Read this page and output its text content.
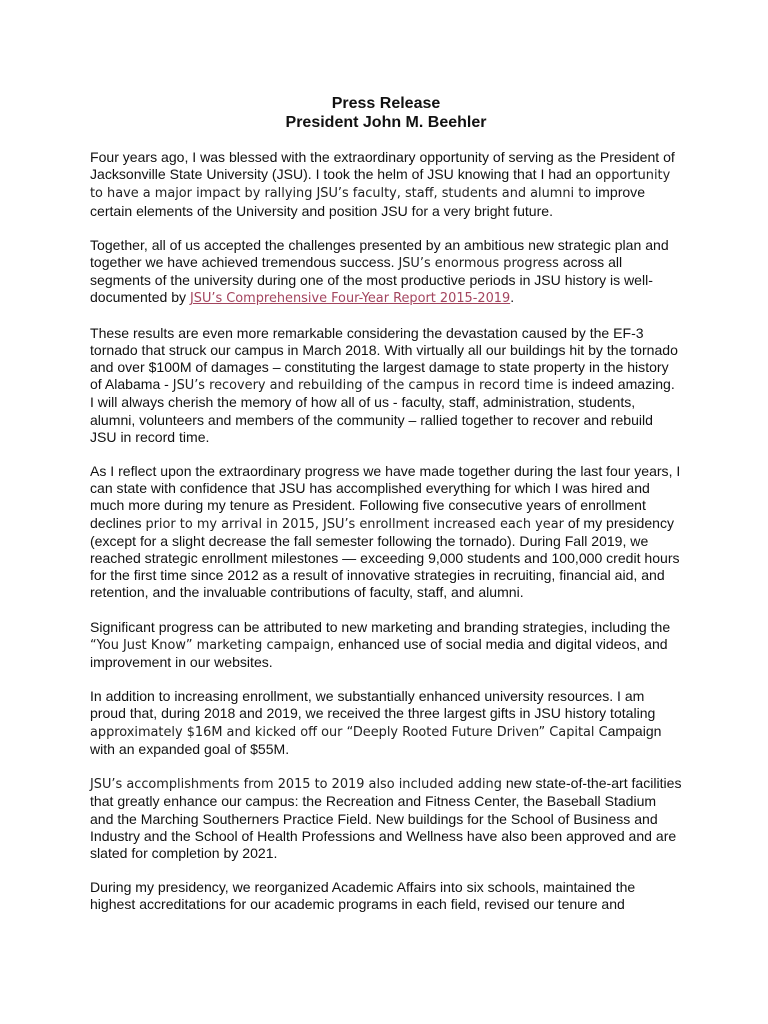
Press Release

President John M. Beehler

Four years ago, I was blessed with the extraordinary opportunity of serving as the President of Jacksonville State University (JSU). I took the helm of JSU knowing that I had an opportunity to have a major impact by rallying JSU’s faculty, staff, students and alumni to improve certain elements of the University and position JSU for a very bright future.

Together, all of us accepted the challenges presented by an ambitious new strategic plan and together we have achieved tremendous success. JSU’s enormous progress across all segments of the university during one of the most productive periods in JSU history is well-documented by JSU’s Comprehensive Four-Year Report 2015-2019.

These results are even more remarkable considering the devastation caused by the EF-3 tornado that struck our campus in March 2018. With virtually all our buildings hit by the tornado and over $100M of damages – constituting the largest damage to state property in the history of Alabama - JSU’s recovery and rebuilding of the campus in record time is indeed amazing. I will always cherish the memory of how all of us - faculty, staff, administration, students, alumni, volunteers and members of the community – rallied together to recover and rebuild JSU in record time.

As I reflect upon the extraordinary progress we have made together during the last four years, I can state with confidence that JSU has accomplished everything for which I was hired and much more during my tenure as President. Following five consecutive years of enrollment declines prior to my arrival in 2015, JSU’s enrollment increased each year of my presidency (except for a slight decrease the fall semester following the tornado). During Fall 2019, we reached strategic enrollment milestones — exceeding 9,000 students and 100,000 credit hours for the first time since 2012 as a result of innovative strategies in recruiting, financial aid, and retention, and the invaluable contributions of faculty, staff, and alumni.

Significant progress can be attributed to new marketing and branding strategies, including the “You Just Know” marketing campaign, enhanced use of social media and digital videos, and improvement in our websites.

In addition to increasing enrollment, we substantially enhanced university resources. I am proud that, during 2018 and 2019, we received the three largest gifts in JSU history totaling approximately $16M and kicked off our “Deeply Rooted Future Driven” Capital Campaign with an expanded goal of $55M.

JSU’s accomplishments from 2015 to 2019 also included adding new state-of-the-art facilities that greatly enhance our campus: the Recreation and Fitness Center, the Baseball Stadium and the Marching Southerners Practice Field. New buildings for the School of Business and Industry and the School of Health Professions and Wellness have also been approved and are slated for completion by 2021.

During my presidency, we reorganized Academic Affairs into six schools, maintained the highest accreditations for our academic programs in each field, revised our tenure and
